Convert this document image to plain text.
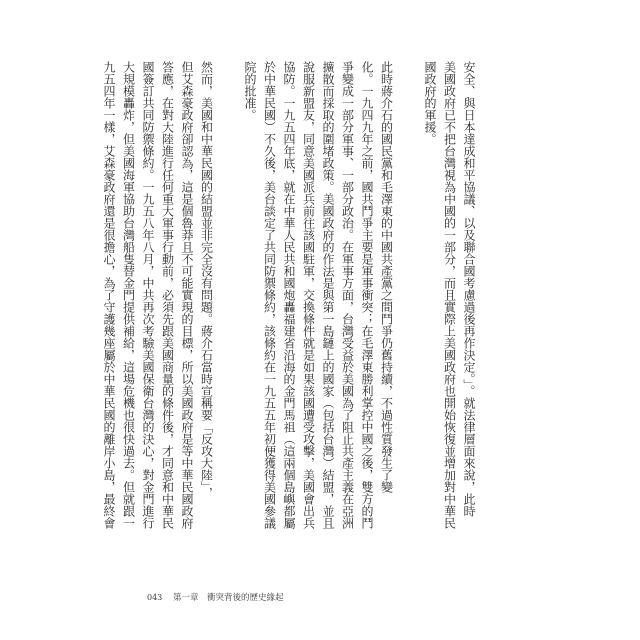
安全、與日本達成和平協議、以及聯合國考慮過後再作決定。」。就法律層面來說，此時

美國政府已不把台灣視為中國的一部分，而且實際上美國政府也開始恢復並增加對中華民

國政府的軍援。

此時蔣介石的國民黨和毛澤東的中國共產黨之間鬥爭仍舊持續，不過性質發生了變

化。一九四九年之前，國共鬥爭主要是軍事衝突；在毛澤東勝利掌控中國之後，雙方的鬥

爭變成一部分軍事、一部分政治。在軍事方面，台灣受益於美國為了阻止共產主義在亞洲

擴散而採取的圍堵政策。美國政府的作法是與第一島鏈上的國家（包括台灣）結盟，並且

說服新盟友，同意美國派兵前往該國駐軍，交換條件就是如果該國遭受攻擊，美國會出兵

協防。一九五四年底，就在中華人民共和國炮轟福建省沿海的金門馬祖（這兩個島嶼都屬

於中華民國）不久後，美台談定了共同防禦條約，該條約在一九五五年初便獲得美國參議

院的批准。

然而，美國和中華民國的結盟並非完全沒有問題。蔣介石當時宣稱要「反攻大陸」，

但艾森豪政府卻認為，這是個魯莽且不可能實現的目標，所以美國政府是等中華民國政府

答應，在對大陸進行任何重大軍事行動前，必須先跟美國商量的條件後，才同意和中華民

國簽訂共同防禦條約。一九五八年八月，中共再次考驗美國保衛台灣的決心，對金門進行

大規模轟炸，但美國海軍協助台灣船隻替金門提供補給，這場危機也很快過去。但就跟一

九五四年一樣，艾森豪政府還是很擔心，為了守護幾座屬於中華民國的離岸小島，最終會

043 第一章 衝突背後的歷史緣起
